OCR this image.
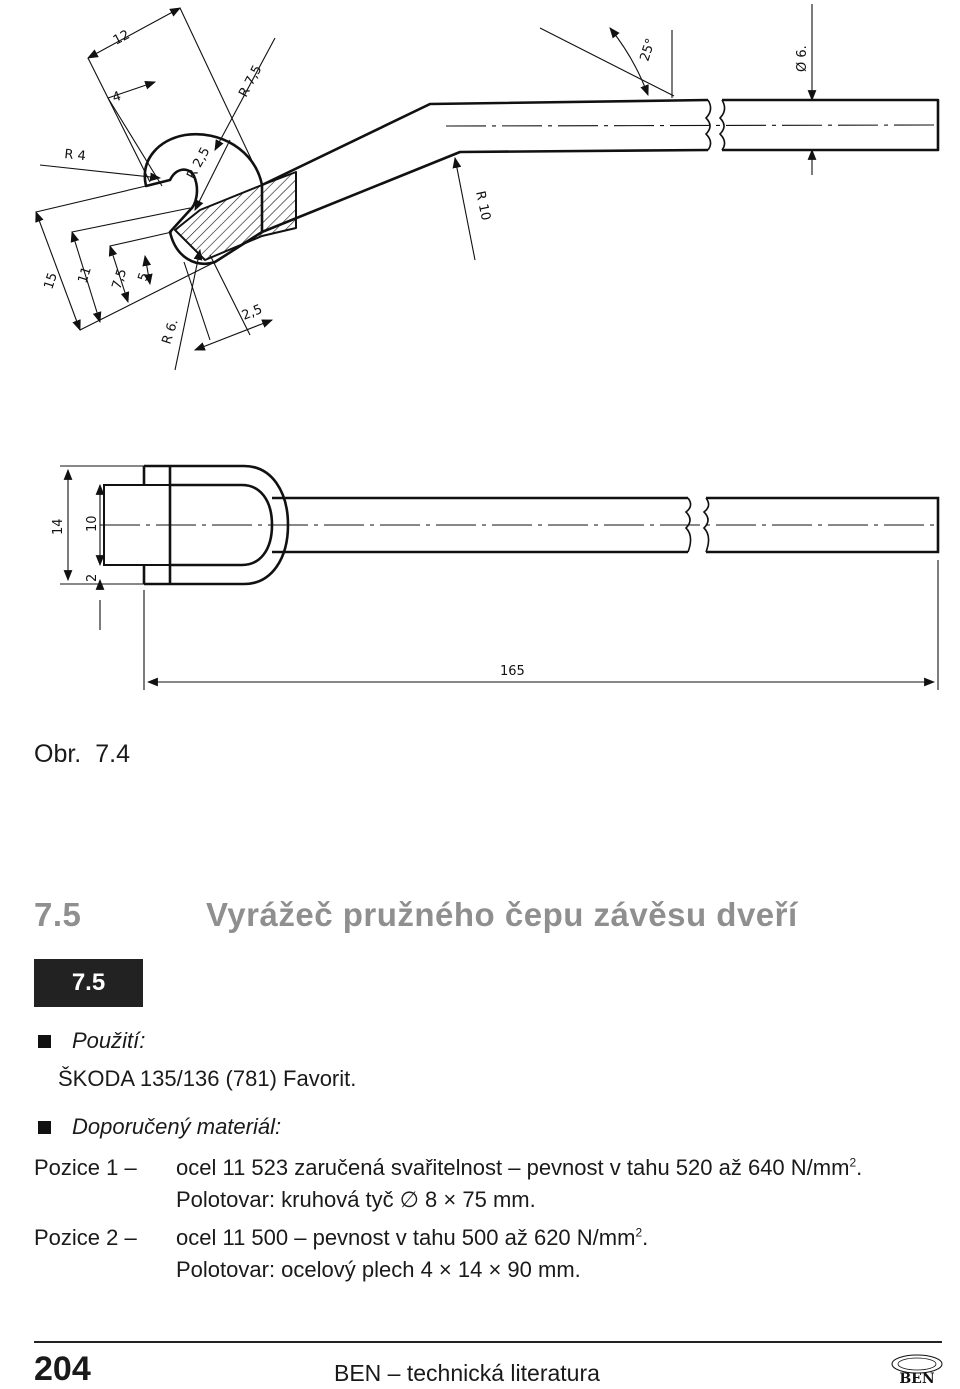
12
4	R 7,5
R 4	R 2,5
25°	Ø 6.
R 10
15 11 7,5 5
R 6.
2,5
14 10
2
165
Obr. 7.4
7.5	Vyrážeč pružného čepu závěsu dveří
7.5
Použití:
ŠKODA 135/136 (781) Favorit.
Doporučený materiál:
Pozice 1 – ocel 11 523 zaručená svařitelnost – pevnost v tahu 520 až 640 $N/mm^2$.
Polotovar: kruhová tyč ∅ 8 × 75 mm.
Pozice 2 – ocel 11 500 – pevnost v tahu 500 až 620 $N/mm^2$.
Polotovar: ocelový plech 4 × 14 × 90 mm.
204	BEN – technická literatura	BEN
